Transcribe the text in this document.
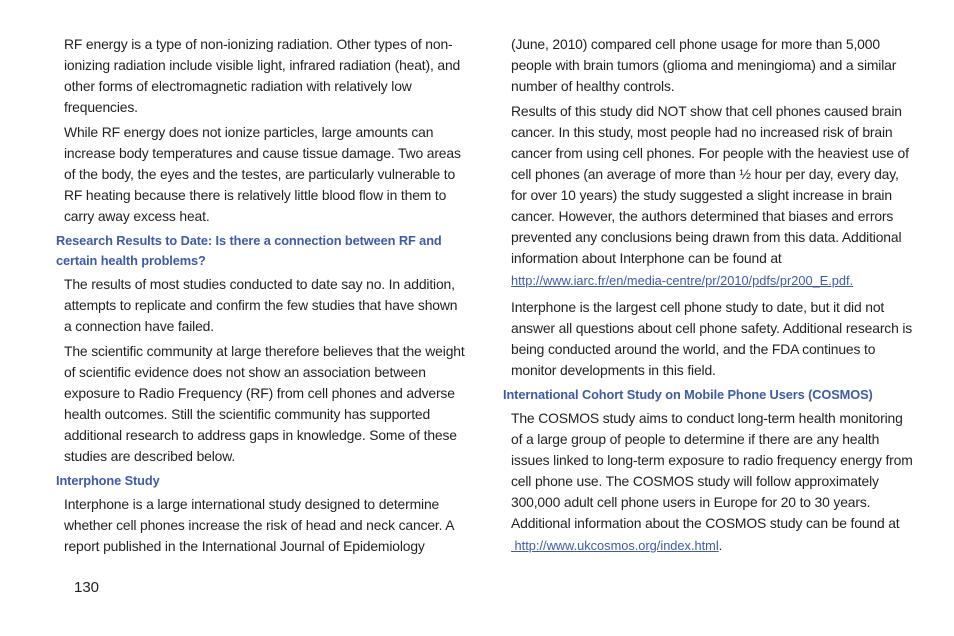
RF energy is a type of non-ionizing radiation. Other types of non-ionizing radiation include visible light, infrared radiation (heat), and other forms of electromagnetic radiation with relatively low frequencies.

While RF energy does not ionize particles, large amounts can increase body temperatures and cause tissue damage. Two areas of the body, the eyes and the testes, are particularly vulnerable to RF heating because there is relatively little blood flow in them to carry away excess heat.

Research Results to Date: Is there a connection between RF and certain health problems?

The results of most studies conducted to date say no. In addition, attempts to replicate and confirm the few studies that have shown a connection have failed.

The scientific community at large therefore believes that the weight of scientific evidence does not show an association between exposure to Radio Frequency (RF) from cell phones and adverse health outcomes. Still the scientific community has supported additional research to address gaps in knowledge. Some of these studies are described below.

Interphone Study

Interphone is a large international study designed to determine whether cell phones increase the risk of head and neck cancer. A report published in the International Journal of Epidemiology

(June, 2010) compared cell phone usage for more than 5,000 people with brain tumors (glioma and meningioma) and a similar number of healthy controls.

Results of this study did NOT show that cell phones caused brain cancer. In this study, most people had no increased risk of brain cancer from using cell phones. For people with the heaviest use of cell phones (an average of more than ½ hour per day, every day, for over 10 years) the study suggested a slight increase in brain cancer. However, the authors determined that biases and errors prevented any conclusions being drawn from this data. Additional information about Interphone can be found at

http://www.iarc.fr/en/media-centre/pr/2010/pdfs/pr200_E.pdf.

Interphone is the largest cell phone study to date, but it did not answer all questions about cell phone safety. Additional research is being conducted around the world, and the FDA continues to monitor developments in this field.

International Cohort Study on Mobile Phone Users (COSMOS)

The COSMOS study aims to conduct long-term health monitoring of a large group of people to determine if there are any health issues linked to long-term exposure to radio frequency energy from cell phone use. The COSMOS study will follow approximately 300,000 adult cell phone users in Europe for 20 to 30 years. Additional information about the COSMOS study can be found at

http://www.ukcosmos.org/index.html.

130
